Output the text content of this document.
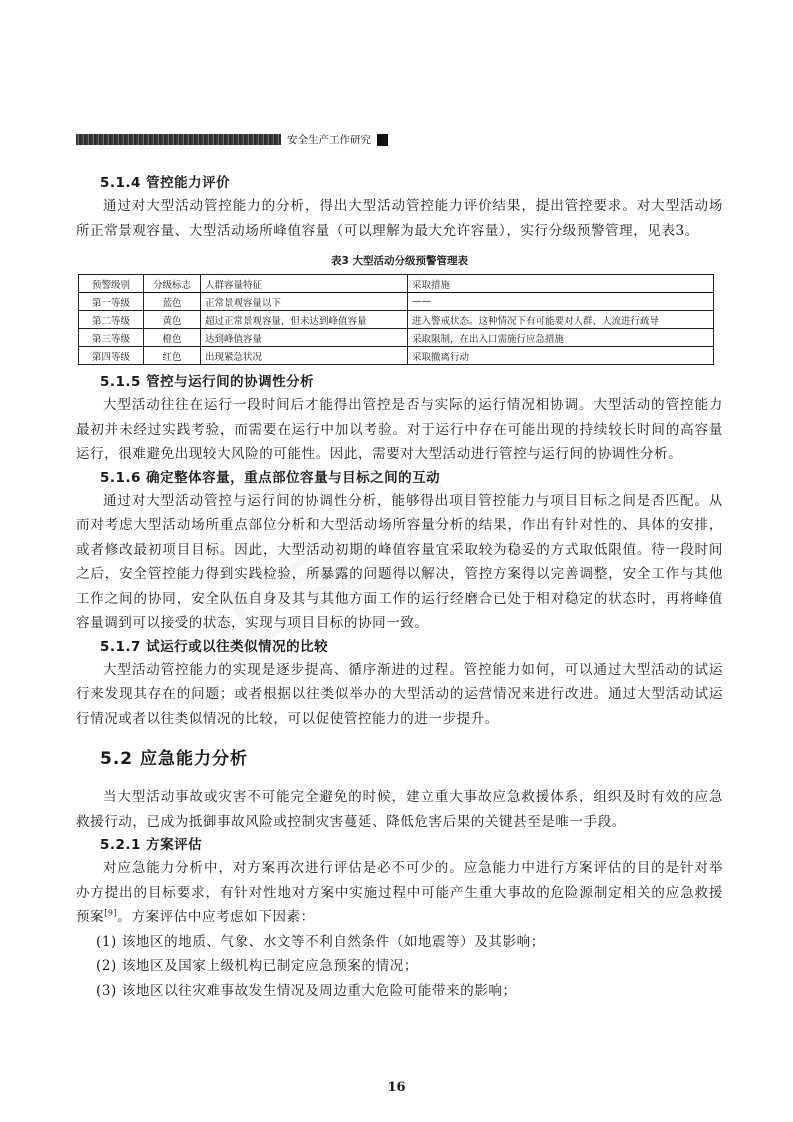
安全生产工作研究
5.1.4 管控能力评价

通过对大型活动管控能力的分析，得出大型活动管控能力评价结果，提出管控要求。对大型活动场所正常景观容量、大型活动场所峰值容量（可以理解为最大允许容量），实行分级预警管理，见表3。

表3 大型活动分级预警管理表
预警级别	分级标志	人群容量特征	采取措施
第一等级	蓝色	正常景观容量以下	——
第二等级	黄色	超过正常景观容量，但未达到峰值容量	进入警戒状态。这种情况下有可能要对人群、人流进行疏导
第三等级	橙色	达到峰值容量	采取限制，在出入口需施行应急措施
第四等级	红色	出现紧急状况	采取撤离行动
5.1.5 管控与运行间的协调性分析

大型活动往往在运行一段时间后才能得出管控是否与实际的运行情况相协调。大型活动的管控能力最初并未经过实践考验，而需要在运行中加以考验。对于运行中存在可能出现的持续较长时间的高容量运行，很难避免出现较大风险的可能性。因此，需要对大型活动进行管控与运行间的协调性分析。

5.1.6 确定整体容量，重点部位容量与目标之间的互动

通过对大型活动管控与运行间的协调性分析，能够得出项目管控能力与项目目标之间是否匹配。从而对考虑大型活动场所重点部位分析和大型活动场所容量分析的结果，作出有针对性的、具体的安排，或者修改最初项目目标。因此，大型活动初期的峰值容量宜采取较为稳妥的方式取低限值。待一段时间之后，安全管控能力得到实践检验，所暴露的问题得以解决，管控方案得以完善调整，安全工作与其他工作之间的协同，安全队伍自身及其与其他方面工作的运行经磨合已处于相对稳定的状态时，再将峰值容量调到可以接受的状态，实现与项目目标的协同一致。

5.1.7 试运行或以往类似情况的比较

大型活动管控能力的实现是逐步提高、循序渐进的过程。管控能力如何，可以通过大型活动的试运行来发现其存在的问题；或者根据以往类似举办的大型活动的运营情况来进行改进。通过大型活动试运行情况或者以往类似情况的比较，可以促使管控能力的进一步提升。

5.2 应急能力分析

当大型活动事故或灾害不可能完全避免的时候，建立重大事故应急救援体系，组织及时有效的应急救援行动，已成为抵御事故风险或控制灾害蔓延、降低危害后果的关键甚至是唯一手段。

5.2.1 方案评估

对应急能力分析中，对方案再次进行评估是必不可少的。应急能力中进行方案评估的目的是针对举办方提出的目标要求，有针对性地对方案中实施过程中可能产生重大事故的危险源制定相关的应急救援预案[9]。方案评估中应考虑如下因素：

(1) 该地区的地质、气象、水文等不利自然条件（如地震等）及其影响；

(2) 该地区及国家上级机构已制定应急预案的情况；

(3) 该地区以往灾难事故发生情况及周边重大危险可能带来的影响；

16
